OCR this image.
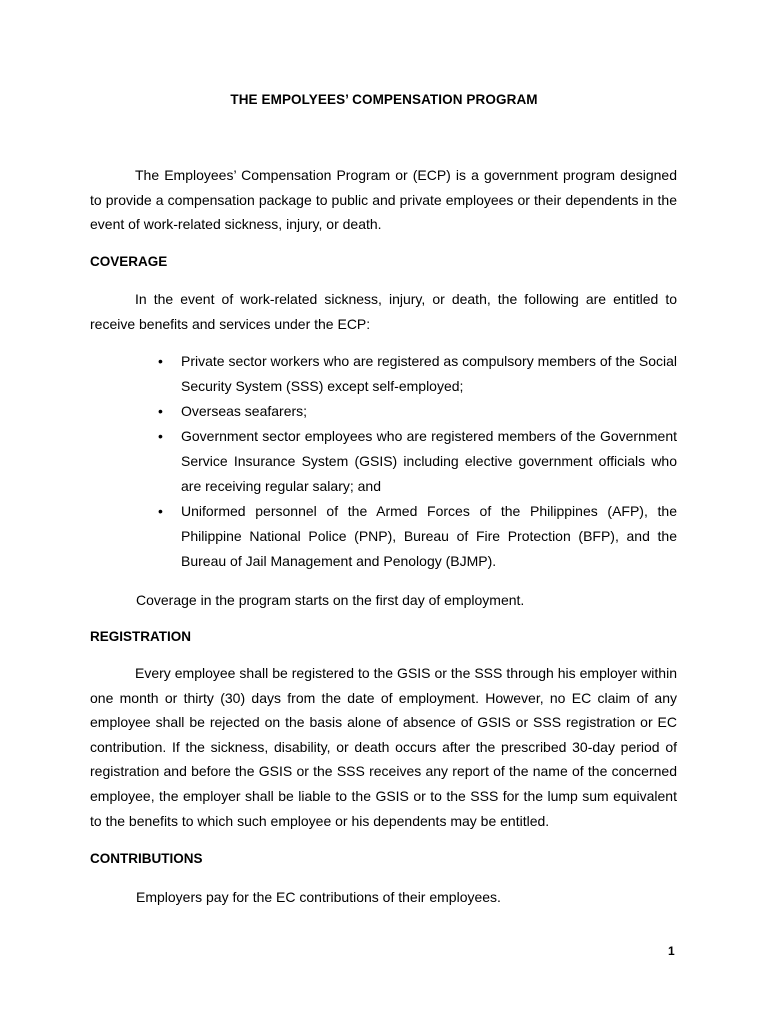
THE EMPOLYEES’ COMPENSATION PROGRAM

The Employees’ Compensation Program or (ECP) is a government program designed to provide a compensation package to public and private employees or their dependents in the event of work-related sickness, injury, or death.

COVERAGE

In the event of work-related sickness, injury, or death, the following are entitled to receive benefits and services under the ECP:

• Private sector workers who are registered as compulsory members of the Social Security System (SSS) except self-employed;
• Overseas seafarers;
• Government sector employees who are registered members of the Government Service Insurance System (GSIS) including elective government officials who are receiving regular salary; and
• Uniformed personnel of the Armed Forces of the Philippines (AFP), the Philippine National Police (PNP), Bureau of Fire Protection (BFP), and the Bureau of Jail Management and Penology (BJMP).
Coverage in the program starts on the first day of employment.
REGISTRATION

Every employee shall be registered to the GSIS or the SSS through his employer within one month or thirty (30) days from the date of employment. However, no EC claim of any employee shall be rejected on the basis alone of absence of GSIS or SSS registration or EC contribution. If the sickness, disability, or death occurs after the prescribed 30-day period of registration and before the GSIS or the SSS receives any report of the name of the concerned employee, the employer shall be liable to the GSIS or to the SSS for the lump sum equivalent to the benefits to which such employee or his dependents may be entitled.

CONTRIBUTIONS
Employers pay for the EC contributions of their employees.
1
